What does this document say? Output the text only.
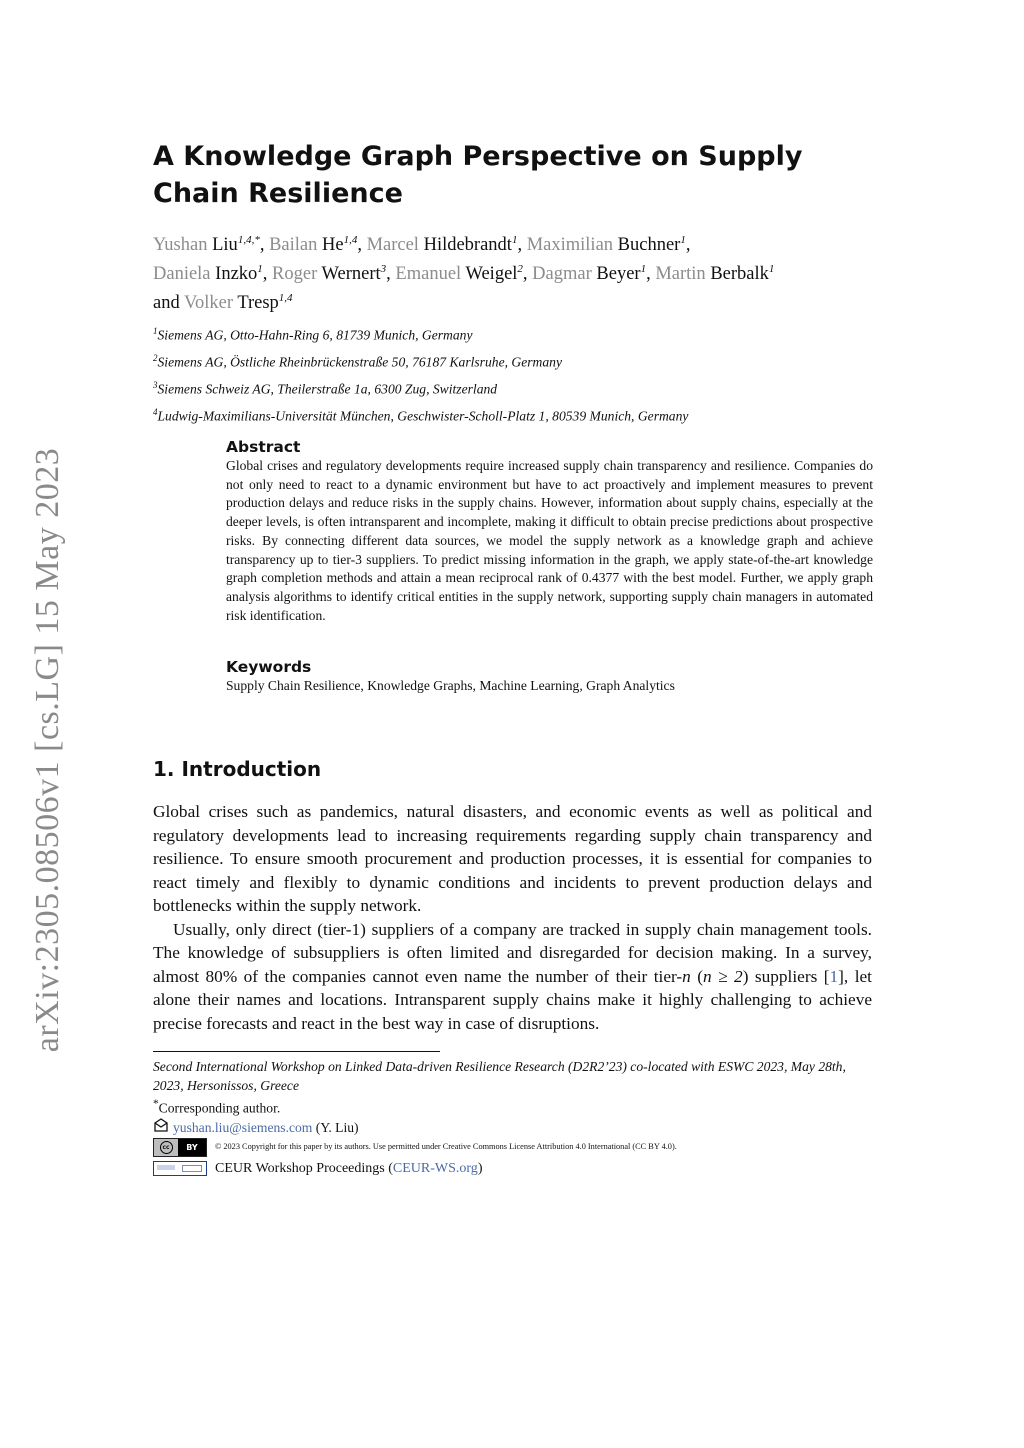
arXiv:2305.08506v1 [cs.LG] 15 May 2023
A Knowledge Graph Perspective on Supply Chain Resilience
Yushan Liu$^{1,4,*}$, Bailan He$^{1,4}$, Marcel Hildebrandt$^1$, Maximilian Buchner$^1$,
Daniela Inzko$^1$, Roger Wernert$^3$, Emanuel Weigel$^2$, Dagmar Beyer$^1$, Martin Berbalk$^1$
and Volker Tresp$^{1,4}$
$^1$Siemens AG, Otto-Hahn-Ring 6, 81739 Munich, Germany
$^2$Siemens AG, Östliche Rheinbrückenstraße 50, 76187 Karlsruhe, Germany
$^3$Siemens Schweiz AG, Theilerstraße 1a, 6300 Zug, Switzerland
$^4$Ludwig-Maximilians-Universität München, Geschwister-Scholl-Platz 1, 80539 Munich, Germany
Abstract

Global crises and regulatory developments require increased supply chain transparency and resilience. Companies do not only need to react to a dynamic environment but have to act proactively and implement measures to prevent production delays and reduce risks in the supply chains. However, information about supply chains, especially at the deeper levels, is often intransparent and incomplete, making it difficult to obtain precise predictions about prospective risks. By connecting different data sources, we model the supply network as a knowledge graph and achieve transparency up to tier-3 suppliers. To predict missing information in the graph, we apply state-of-the-art knowledge graph completion methods and attain a mean reciprocal rank of 0.4377 with the best model. Further, we apply graph analysis algorithms to identify critical entities in the supply network, supporting supply chain managers in automated risk identification.

Keywords

Supply Chain Resilience, Knowledge Graphs, Machine Learning, Graph Analytics

1. Introduction

Global crises such as pandemics, natural disasters, and economic events as well as political and regulatory developments lead to increasing requirements regarding supply chain transparency and resilience. To ensure smooth procurement and production processes, it is essential for companies to react timely and flexibly to dynamic conditions and incidents to prevent production delays and bottlenecks within the supply network.

Usually, only direct (tier-1) suppliers of a company are tracked in supply chain management tools. The knowledge of subsuppliers is often limited and disregarded for decision making. In a survey, almost 80% of the companies cannot even name the number of their tier-n (n ≥ 2) suppliers [1], let alone their names and locations. Intransparent supply chains make it highly challenging to achieve precise forecasts and react in the best way in case of disruptions.

Second International Workshop on Linked Data-driven Resilience Research (D2R2’23) co-located with ESWC 2023, May 28th, 2023, Hersonissos, Greece

*Corresponding author.

yushan.liu@siemens.com (Y. Liu)
cc	BY	© 2023 Copyright for this paper by its authors. Use permitted under Creative Commons License Attribution 4.0 International (CC BY 4.0).
CEUR Workshop Proceedings (CEUR-WS.org)
